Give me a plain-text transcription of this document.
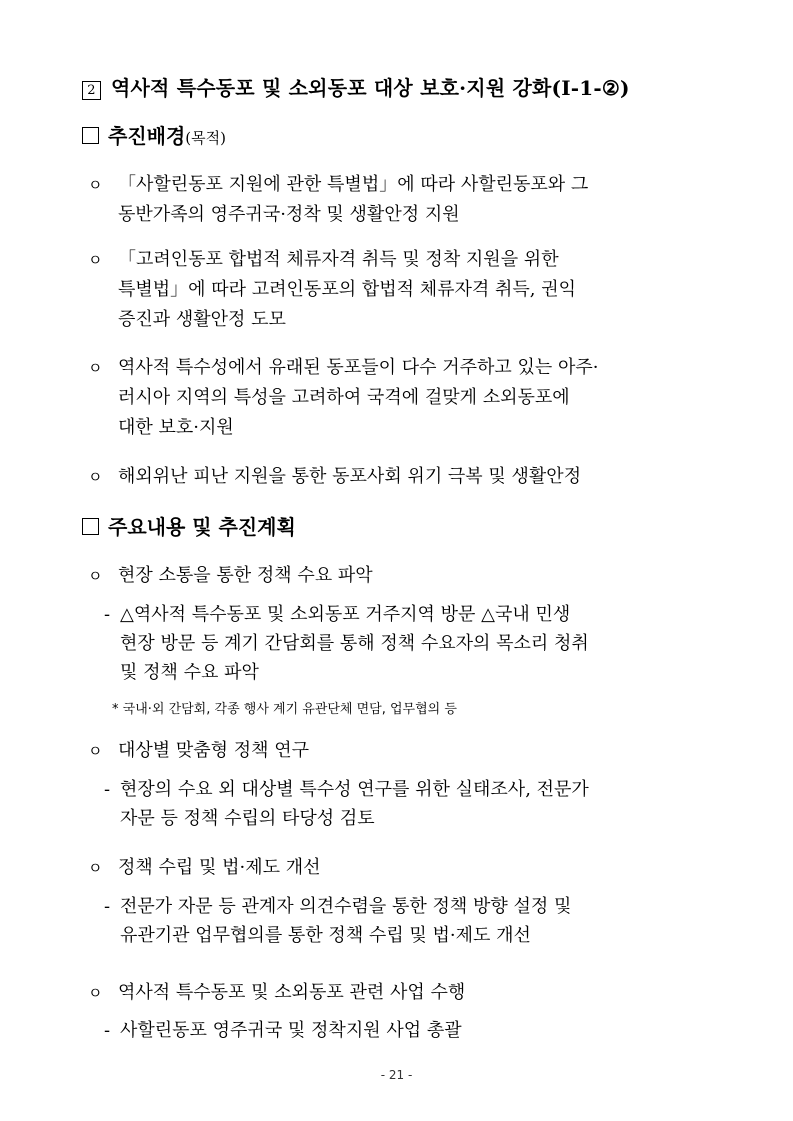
2 역사적 특수동포 및 소외동포 대상 보호·지원 강화(Ⅰ-1-②)
추진배경(목적)
ㅇ 「사할린동포 지원에 관한 특별법」에 따라 사할린동포와 그
동반가족의 영주귀국·정착 및 생활안정 지원
ㅇ 「고려인동포 합법적 체류자격 취득 및 정착 지원을 위한
특별법」에 따라 고려인동포의 합법적 체류자격 취득, 권익
증진과 생활안정 도모
ㅇ 역사적 특수성에서 유래된 동포들이 다수 거주하고 있는 아주·
러시아 지역의 특성을 고려하여 국격에 걸맞게 소외동포에
대한 보호·지원
ㅇ 해외위난 피난 지원을 통한 동포사회 위기 극복 및 생활안정
주요내용 및 추진계획
ㅇ 현장 소통을 통한 정책 수요 파악
- △역사적 특수동포 및 소외동포 거주지역 방문 △국내 민생
현장 방문 등 계기 간담회를 통해 정책 수요자의 목소리 청취
및 정책 수요 파악
* 국내·외 간담회, 각종 행사 계기 유관단체 면담, 업무협의 등
ㅇ 대상별 맞춤형 정책 연구
- 현장의 수요 외 대상별 특수성 연구를 위한 실태조사, 전문가
자문 등 정책 수립의 타당성 검토
ㅇ 정책 수립 및 법·제도 개선
- 전문가 자문 등 관계자 의견수렴을 통한 정책 방향 설정 및
유관기관 업무협의를 통한 정책 수립 및 법·제도 개선
ㅇ 역사적 특수동포 및 소외동포 관련 사업 수행
- 사할린동포 영주귀국 및 정착지원 사업 총괄
- 21 -
